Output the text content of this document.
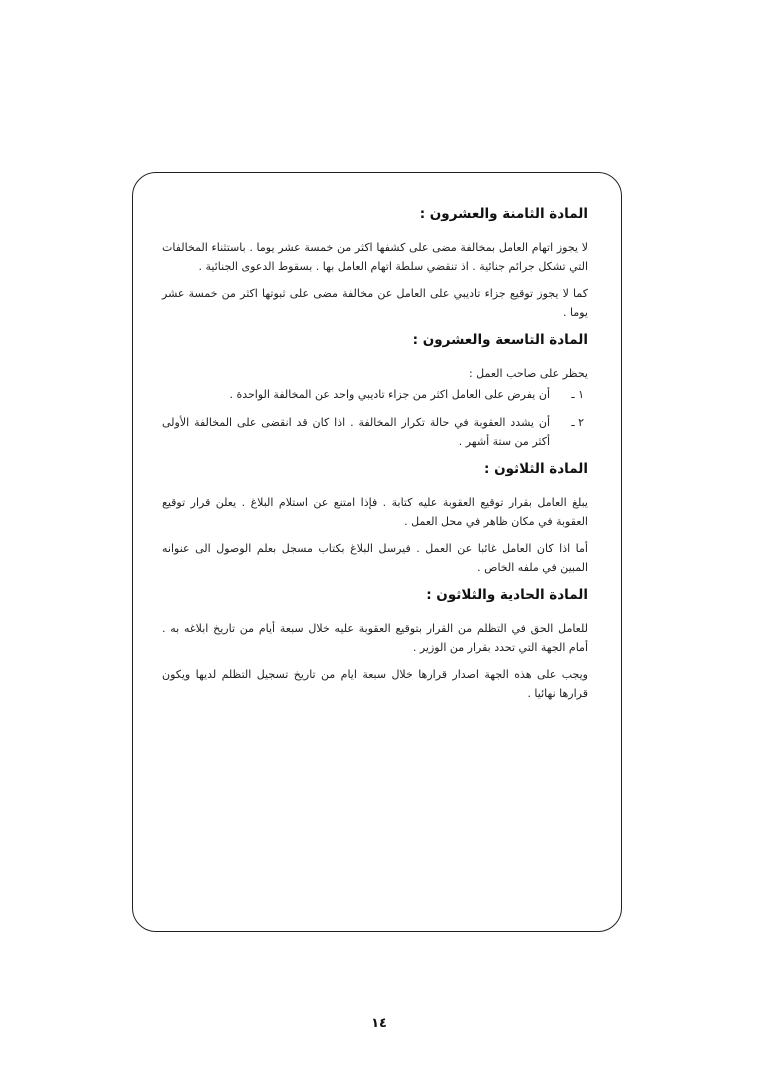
المادة الثامنة والعشرون :

لا يجوز اتهام العامل بمخالفة مضى على كشفها اكثر من خمسة عشر يوما . باستثناء المخالفات التي تشكل جرائم جنائية . اذ تنقضي سلطة اتهام العامل بها . بسقوط الدعوى الجنائية .

كما لا يجوز توقيع جزاء تاديبي على العامل عن مخالفة مضى على ثبوتها اكثر من خمسة عشر يوما .

المادة التاسعة والعشرون :

يحظر على صاحب العمل :

١ ـ
أن يفرض على العامل اكثر من جزاء تاديبي واحد عن المخالفة الواحدة .
٢ ـ
أن يشدد العقوبة في حالة تكرار المخالفة . اذا كان قد انقضى على المخالفة الأولى أكثر من ستة أشهر .
المادة الثلاثون :

يبلغ العامل بقرار توقيع العقوبة عليه كتابة . فإذا امتنع عن استلام البلاغ . يعلن قرار توقيع العقوبة في مكان ظاهر في محل العمل .

أما اذا كان العامل غائبا عن العمل . فيرسل البلاغ بكتاب مسجل بعلم الوصول الى عنوانه المبين في ملفه الخاص .

المادة الحادية والثلاثون :

للعامل الحق في التظلم من القرار بتوقيع العقوبة عليه خلال سبعة أيام من تاريخ ابلاغه به . أمام الجهة التي تحدد بقرار من الوزير .

ويجب على هذه الجهة اصدار قرارها خلال سبعة ايام من تاريخ تسجيل التظلم لديها ويكون قرارها نهائيا .

١٤
